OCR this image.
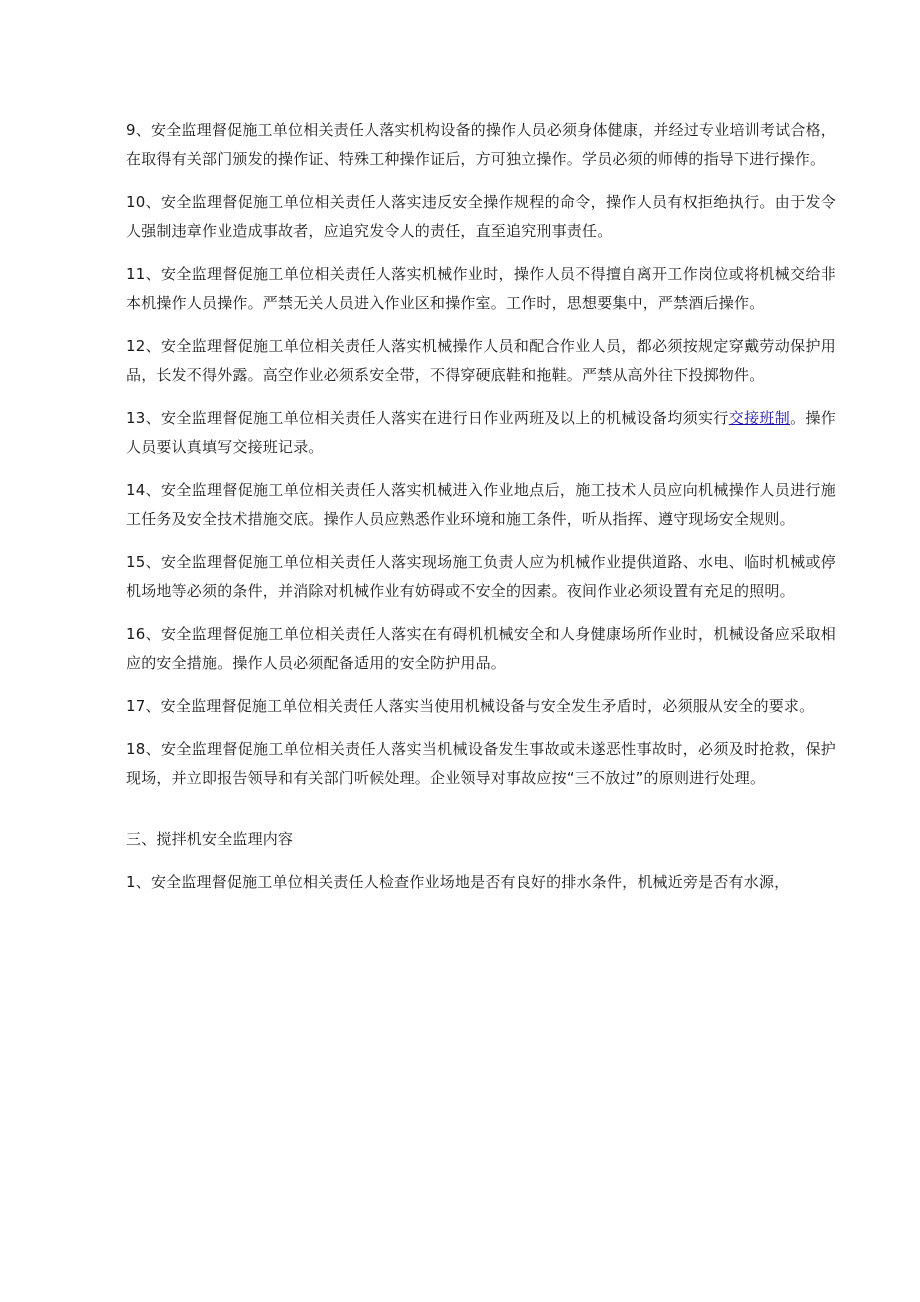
9、安全监理督促施工单位相关责任人落实机构设备的操作人员必须身体健康，并经过专业培训考试合格，在取得有关部门颁发的操作证、特殊工种操作证后，方可独立操作。学员必须的师傅的指导下进行操作。

10、安全监理督促施工单位相关责任人落实违反安全操作规程的命令，操作人员有权拒绝执行。由于发令人强制违章作业造成事故者，应追究发令人的责任，直至追究刑事责任。

11、安全监理督促施工单位相关责任人落实机械作业时，操作人员不得擅自离开工作岗位或将机械交给非本机操作人员操作。严禁无关人员进入作业区和操作室。工作时，思想要集中，严禁酒后操作。

12、安全监理督促施工单位相关责任人落实机械操作人员和配合作业人员，都必须按规定穿戴劳动保护用品，长发不得外露。高空作业必须系安全带，不得穿硬底鞋和拖鞋。严禁从高外往下投掷物件。

13、安全监理督促施工单位相关责任人落实在进行日作业两班及以上的机械设备均须实行交接班制。操作人员要认真填写交接班记录。

14、安全监理督促施工单位相关责任人落实机械进入作业地点后，施工技术人员应向机械操作人员进行施工任务及安全技术措施交底。操作人员应熟悉作业环境和施工条件，听从指挥、遵守现场安全规则。

15、安全监理督促施工单位相关责任人落实现场施工负责人应为机械作业提供道路、水电、临时机械或停机场地等必须的条件，并消除对机械作业有妨碍或不安全的因素。夜间作业必须设置有充足的照明。

16、安全监理督促施工单位相关责任人落实在有碍机机械安全和人身健康场所作业时，机械设备应采取相应的安全措施。操作人员必须配备适用的安全防护用品。

17、安全监理督促施工单位相关责任人落实当使用机械设备与安全发生矛盾时，必须服从安全的要求。

18、安全监理督促施工单位相关责任人落实当机械设备发生事故或未遂恶性事故时，必须及时抢救，保护现场，并立即报告领导和有关部门听候处理。企业领导对事故应按“三不放过”的原则进行处理。

三、搅拌机安全监理内容

1、安全监理督促施工单位相关责任人检查作业场地是否有良好的排水条件，机械近旁是否有水源，
